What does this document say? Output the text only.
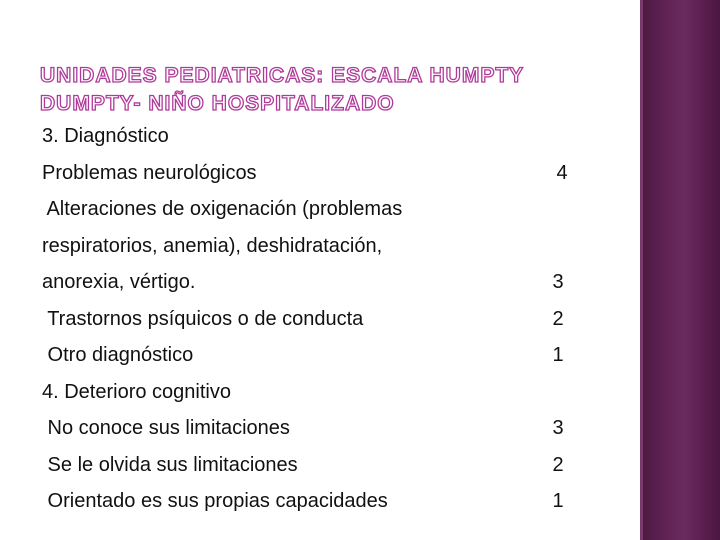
UNIDADES PEDIATRICAS: ESCALA HUMPTY
DUMPTY- NIÑO HOSPITALIZADO
3. Diagnóstico
Problemas neurológicos	4
Alteraciones de oxigenación (problemas
respiratorios, anemia), deshidratación,
anorexia, vértigo.	3
Trastornos psíquicos o de conducta	2
Otro diagnóstico	1
4. Deterioro cognitivo
No conoce sus limitaciones	3
Se le olvida sus limitaciones	2
Orientado es sus propias capacidades	1
